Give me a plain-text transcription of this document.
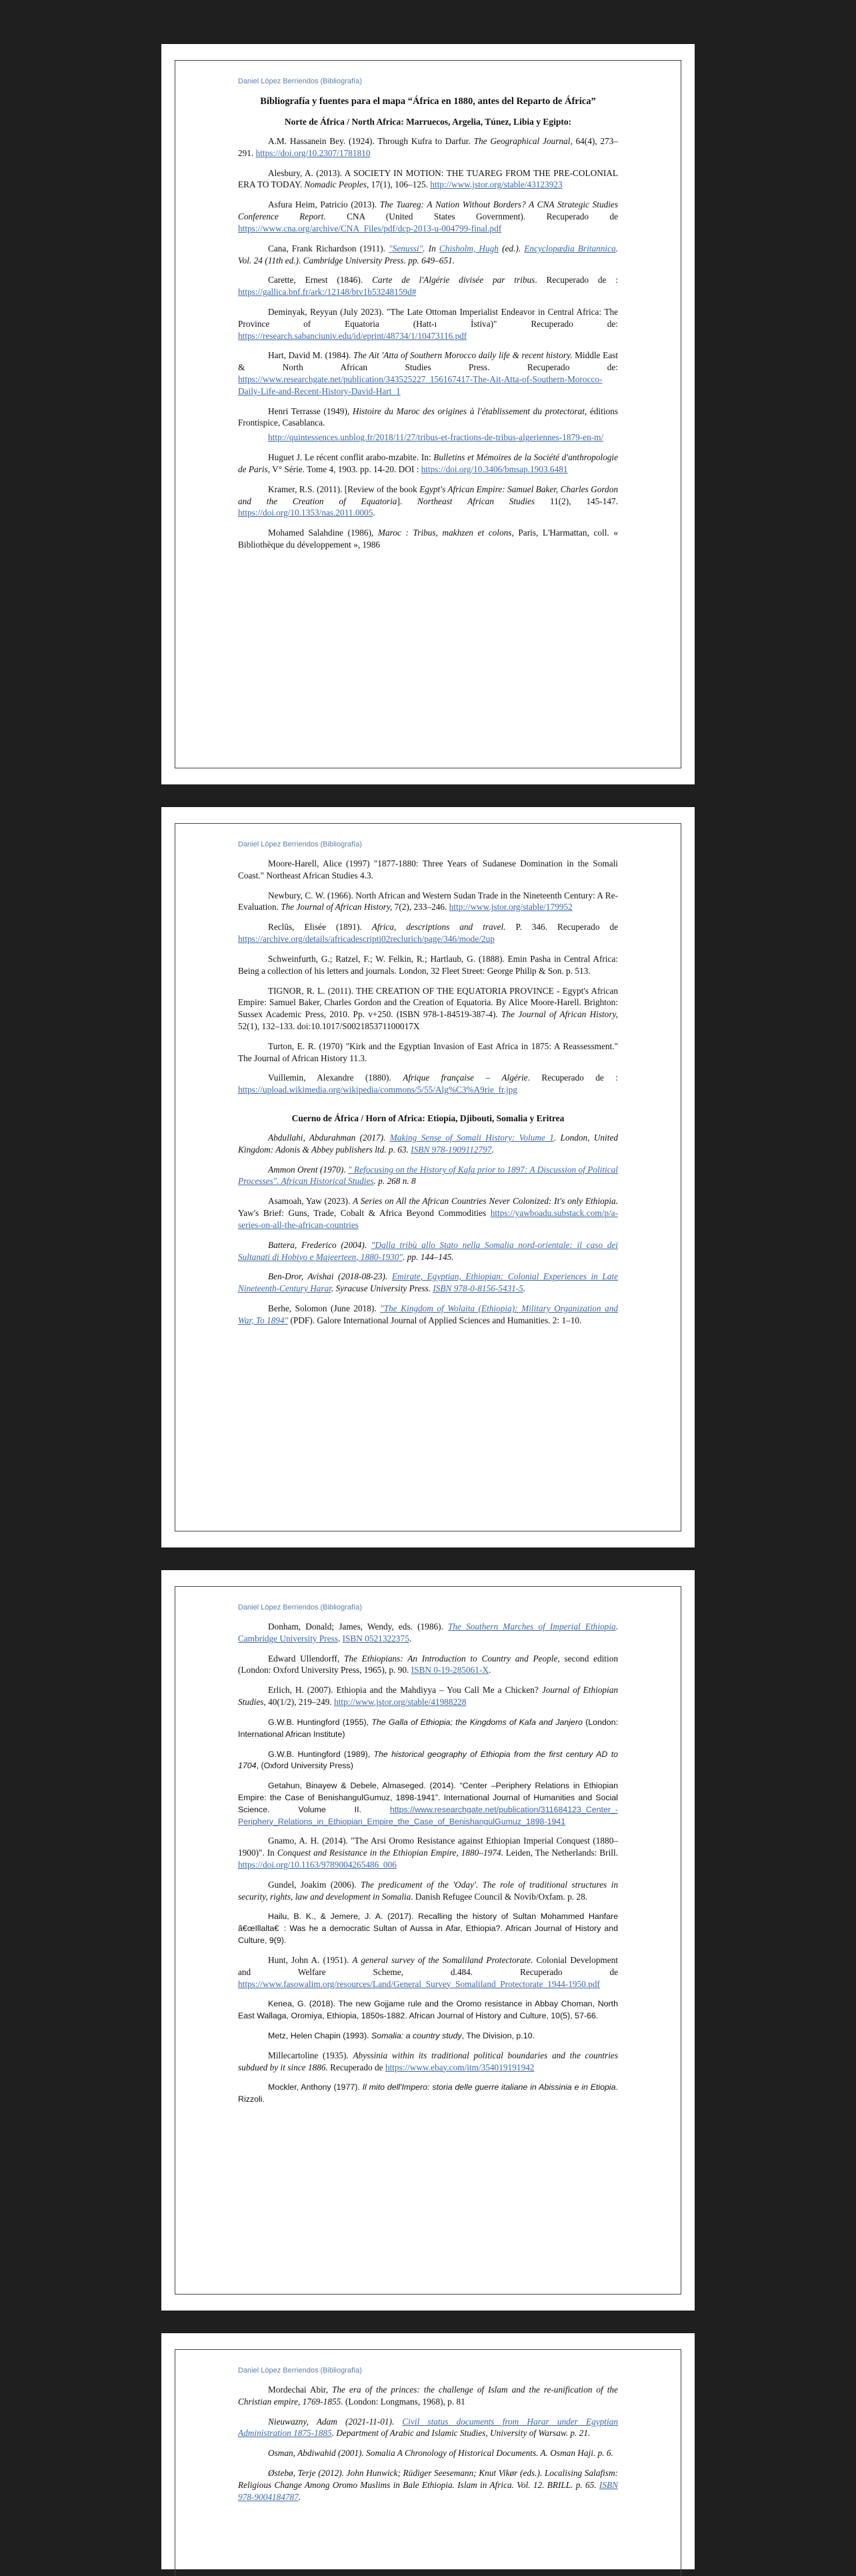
Daniel López Berriendos (Bibliografía)
Bibliografía y fuentes para el mapa “África en 1880, antes del Reparto de África”
Norte de África / North Africa: Marruecos, Argelia, Túnez, Libia y Egipto:

A.M. Hassanein Bey. (1924). Through Kufra to Darfur. The Geographical Journal, 64(4), 273–291. https://doi.org/10.2307/1781810

Alesbury, A. (2013). A SOCIETY IN MOTION: THE TUAREG FROM THE PRE-COLONIAL ERA TO TODAY. Nomadic Peoples, 17(1), 106–125. http://www.jstor.org/stable/43123923

Asfura Heim, Patricio (2013). The Tuareg: A Nation Without Borders? A CNA Strategic Studies Conference Report. CNA (United States Government). Recuperado de https://www.cna.org/archive/CNA_Files/pdf/dcp-2013-u-004799-final.pdf

Cana, Frank Richardson (1911). "Senussi". In Chisholm, Hugh (ed.). Encyclopædia Britannica. Vol. 24 (11th ed.). Cambridge University Press. pp. 649–651.

Carette, Ernest (1846). Carte de l'Algérie divisée par tribus. Recuperado de : https://gallica.bnf.fr/ark:/12148/btv1b53248159d#

Deminyak, Reyyan (July 2023). "The Late Ottoman Imperialist Endeavor in Central Africa: The Province of Equatoria (Hatt-ı İstiva)" Recuperado de: https://research.sabanciuniv.edu/id/eprint/48734/1/10473116.pdf

Hart, David M. (1984). The Ait 'Atta of Southern Morocco daily life & recent history. Middle East & North African Studies Press. Recuperado de: https://www.researchgate.net/publication/343525227_156167417-The-Ait-Atta-of-Southern-Morocco-Daily-Life-and-Recent-History-David-Hart_1

Henri Terrasse (1949), Histoire du Maroc des origines à l'établissement du protectorat, éditions Frontispice, Casablanca.

http://quintessences.unblog.fr/2018/11/27/tribus-et-fractions-de-tribus-algeriennes-1879-en-m/

Huguet J. Le récent conflit arabo-mzabite. In: Bulletins et Mémoires de la Société d'anthropologie de Paris, V° Série. Tome 4, 1903. pp. 14-20. DOI : https://doi.org/10.3406/bmsap.1903.6481

Kramer, R.S. (2011). [Review of the book Egypt's African Empire: Samuel Baker, Charles Gordon and the Creation of Equatoria]. Northeast African Studies 11(2), 145-147. https://doi.org/10.1353/nas.2011.0005.

Mohamed Salahdine (1986), Maroc : Tribus, makhzen et colons, Paris, L'Harmattan, coll. « Bibliothèque du développement », 1986

Daniel López Berriendos (Bibliografía)

Moore-Harell, Alice (1997) "1877-1880: Three Years of Sudanese Domination in the Somali Coast." Northeast African Studies 4.3.

Newbury, C. W. (1966). North African and Western Sudan Trade in the Nineteenth Century: A Re-Evaluation. The Journal of African History, 7(2), 233–246. http://www.jstor.org/stable/179952

Reclūs, Elisée (1891). Africa, descriptions and travel. P. 346. Recuperado de https://archive.org/details/africadescripti02reclurich/page/346/mode/2up

Schweinfurth, G.; Ratzel, F.; W. Felkin, R.; Hartlaub, G. (1888). Emin Pasha in Central Africa: Being a collection of his letters and journals. London, 32 Fleet Street: George Philip & Son. p. 513.

TIGNOR, R. L. (2011). THE CREATION OF THE EQUATORIA PROVINCE - Egypt's African Empire: Samuel Baker, Charles Gordon and the Creation of Equatoria. By Alice Moore-Harell. Brighton: Sussex Academic Press, 2010. Pp. v+250. (ISBN 978-1-84519-387-4). The Journal of African History, 52(1), 132–133. doi:10.1017/S002185371100017X

Turton, E. R. (1970) "Kirk and the Egyptian Invasion of East Africa in 1875: A Reassessment." The Journal of African History 11.3.

Vuillemin, Alexandre (1880). Afrique française – Algérie. Recuperado de : https://upload.wikimedia.org/wikipedia/commons/5/55/Alg%C3%A9rie_fr.jpg

Cuerno de África / Horn of Africa: Etiopía, Djibouti, Somalia y Eritrea

Abdullahi, Abdurahman (2017). Making Sense of Somali History: Volume 1. London, United Kingdom: Adonis & Abbey publishers ltd. p. 63. ISBN 978-1909112797.

Ammon Orent (1970). " Refocusing on the History of Kafa prior to 1897: A Discussion of Political Processes". African Historical Studies. p. 268 n. 8

Asamoah, Yaw (2023). A Series on All the African Countries Never Colonized: It's only Ethiopia. Yaw's Brief: Guns, Trade, Cobalt & Africa Beyond Commodities https://yawboadu.substack.com/p/a-series-on-all-the-african-countries

Battera, Frederico (2004). "Dalla tribù allo Stato nella Somalia nord-orientale: il caso dei Sultanati di Hobiyo e Majeerteen, 1880-1930". pp. 144–145.

Ben-Dror, Avishai (2018-08-23). Emirate, Egyptian, Ethiopian: Colonial Experiences in Late Nineteenth-Century Harar. Syracuse University Press. ISBN 978-0-8156-5431-5.

Berhe, Solomon (June 2018). "The Kingdom of Wolaita (Ethiopia): Military Organization and War, To 1894" (PDF). Galore International Journal of Applied Sciences and Humanities. 2: 1–10.

Daniel López Berriendos (Bibliografía)

Donham, Donald; James, Wendy, eds. (1986). The Southern Marches of Imperial Ethiopia. Cambridge University Press. ISBN 0521322375.

Edward Ullendorff, The Ethiopians: An Introduction to Country and People, second edition (London: Oxford University Press, 1965), p. 90. ISBN 0-19-285061-X.

Erlich, H. (2007). Ethiopia and the Mahdiyya – You Call Me a Chicken? Journal of Ethiopian Studies, 40(1/2), 219–249. http://www.jstor.org/stable/41988228

G.W.B. Huntingford (1955), The Galla of Ethiopia; the Kingdoms of Kafa and Janjero (London: International African Institute)

G.W.B. Huntingford (1989), The historical geography of Ethiopia from the first century AD to 1704, (Oxford University Press)

Getahun, Binayew & Debele, Almaseged. (2014). “Center –Periphery Relations in Ethiopian Empire: the Case of BenishangulGumuz, 1898-1941”. International Journal of Humanities and Social Science. Volume II. https://www.researchgate.net/publication/311684123_Center_-Periphery_Relations_in_Ethiopian_Empire_the_Case_of_BenishangulGumuz_1898-1941

Gnamo, A. H. (2014). "The Arsi Oromo Resistance against Ethiopian Imperial Conquest (1880–1900)". In Conquest and Resistance in the Ethiopian Empire, 1880–1974. Leiden, The Netherlands: Brill. https://doi.org/10.1163/9789004265486_006

Gundel, Joakim (2006). The predicament of the 'Oday'. The role of traditional structures in security, rights, law and development in Somalia. Danish Refugee Council & Novib/Oxfam. p. 28.

Hailu, B. K., & Jemere, J. A. (2017). Recalling the history of Sultan Mohammed Hanfare â€œIllalta€: Was he a democratic Sultan of Aussa in Afar, Ethiopia?. African Journal of History and Culture, 9(9).

Hunt, John A. (1951). A general survey of the Somaliland Protectorate. Colonial Development and Welfare Scheme, d.484. Recuperado de https://www.fasowalim.org/resources/Land/General_Survey_Somaliland_Protectorate_1944-1950.pdf

Kenea, G. (2018). The new Gojjame rule and the Oromo resistance in Abbay Choman, North East Wallaga, Oromiya, Ethiopia, 1850s-1882. African Journal of History and Culture, 10(5), 57-66.

Metz, Helen Chapin (1993). Somalia: a country study, The Division, p.10.

Millecartoline (1935). Abyssinia within its traditional political boundaries and the countries subdued by it since 1886. Recuperado de https://www.ebay.com/itm/354019191942

Mockler, Anthony (1977). Il mito dell'Impero: storia delle guerre italiane in Abissinia e in Etiopia. Rizzoli.

Daniel López Berriendos (Bibliografía)

Mordechai Abir, The era of the princes: the challenge of Islam and the re-unification of the Christian empire, 1769-1855. (London: Longmans, 1968), p. 81

Nieuwazny, Adam (2021-11-01). Civil status documents from Harar under Egyptian Administration 1875-1885. Department of Arabic and Islamic Studies, University of Warsaw. p. 21.

Osman, Abdiwahid (2001). Somalia A Chronology of Historical Documents. A. Osman Haji. p. 6.

Østebø, Terje (2012). John Hunwick; Rüdiger Seesemann; Knut Vikør (eds.). Localising Salafism: Religious Change Among Oromo Muslims in Bale Ethiopia. Islam in Africa. Vol. 12. BRILL. p. 65. ISBN 978-9004184787.
